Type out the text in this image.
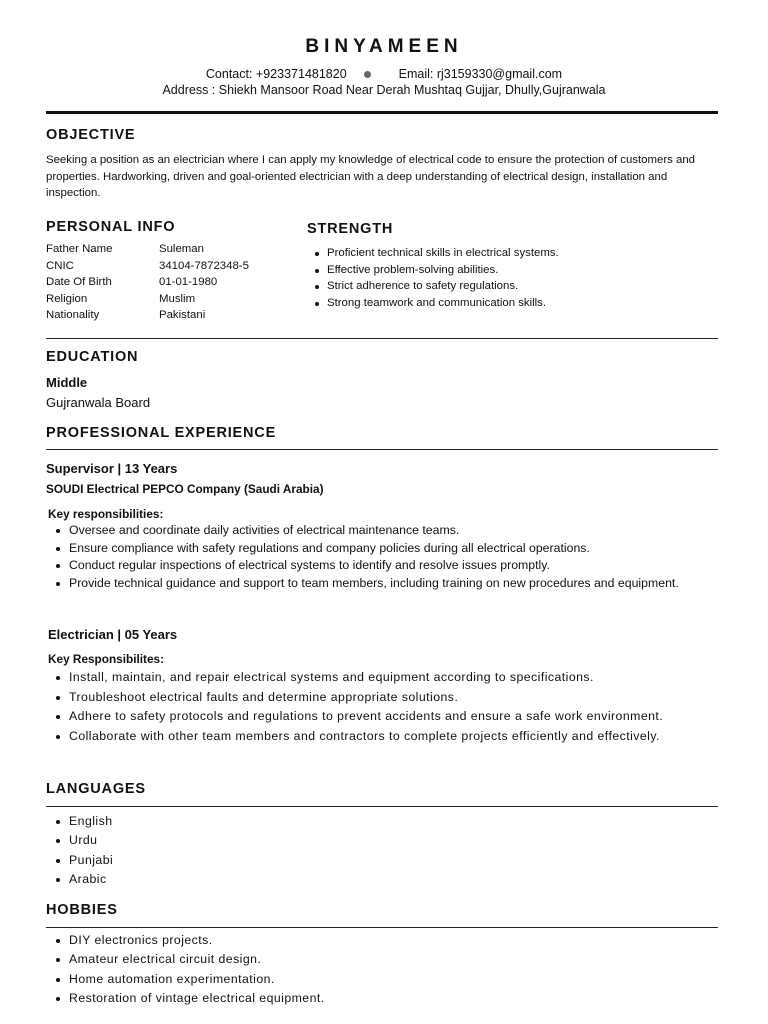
BINYAMEEN
Contact: +923371481820	Email: rj3159330@gmail.com
Address : Shiekh Mansoor Road Near Derah Mushtaq Gujjar, Dhully,Gujranwala
OBJECTIVE
Seeking a position as an electrician where I can apply my knowledge of electrical code to ensure the protection of customers and properties. Hardworking, driven and goal-oriented electrician with a deep understanding of electrical design, installation and inspection.
PERSONAL INFO
Father Name	Suleman
CNIC	34104-7872348-5
Date Of Birth	01-01-1980
Religion	Muslim
Nationality	Pakistani
STRENGTH
Proficient technical skills in electrical systems.
Effective problem-solving abilities.
Strict adherence to safety regulations.
Strong teamwork and communication skills.
EDUCATION
Middle
Gujranwala Board
PROFESSIONAL EXPERIENCE
Supervisor | 13 Years
SOUDI Electrical PEPCO Company (Saudi Arabia)
Key responsibilities:
Oversee and coordinate daily activities of electrical maintenance teams.
Ensure compliance with safety regulations and company policies during all electrical operations.
Conduct regular inspections of electrical systems to identify and resolve issues promptly.
Provide technical guidance and support to team members, including training on new procedures and equipment.
Electrician | 05 Years
Key Responsibilites:
Install, maintain, and repair electrical systems and equipment according to specifications.
Troubleshoot electrical faults and determine appropriate solutions.
Adhere to safety protocols and regulations to prevent accidents and ensure a safe work environment.
Collaborate with other team members and contractors to complete projects efficiently and effectively.
LANGUAGES
English
Urdu
Punjabi
Arabic
HOBBIES
DIY electronics projects.
Amateur electrical circuit design.
Home automation experimentation.
Restoration of vintage electrical equipment.
